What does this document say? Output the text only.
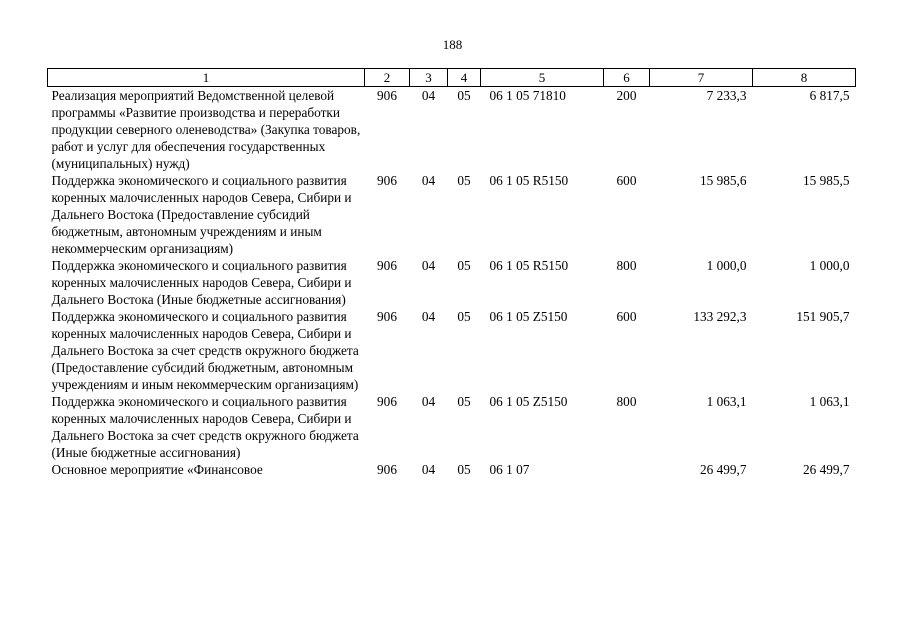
188
1	2	3	4	5	6	7	8
Реализация мероприятий Ведомственной целевой программы «Развитие производства и переработки продукции северного оленеводства» (Закупка товаров, работ и услуг для обеспечения государственных (муниципальных) нужд)	906	04	05	06 1 05 71810	200	7 233,3	6 817,5
Поддержка экономического и социального развития коренных малочисленных народов Севера, Сибири и Дальнего Востока (Предоставление субсидий бюджетным, автономным учреждениям и иным некоммерческим организациям)	906	04	05	06 1 05 R5150	600	15 985,6	15 985,5
Поддержка экономического и социального развития коренных малочисленных народов Севера, Сибири и Дальнего Востока (Иные бюджетные ассигнования)	906	04	05	06 1 05 R5150	800	1 000,0	1 000,0
Поддержка экономического и социального развития коренных малочисленных народов Севера, Сибири и Дальнего Востока за счет средств окружного бюджета (Предоставление субсидий бюджетным, автономным учреждениям и иным некоммерческим организациям)	906	04	05	06 1 05 Z5150	600	133 292,3	151 905,7
Поддержка экономического и социального развития коренных малочисленных народов Севера, Сибири и Дальнего Востока за счет средств окружного бюджета (Иные бюджетные ассигнования)	906	04	05	06 1 05 Z5150	800	1 063,1	1 063,1
Основное мероприятие «Финансовое	906	04	05	06 1 07		26 499,7	26 499,7
